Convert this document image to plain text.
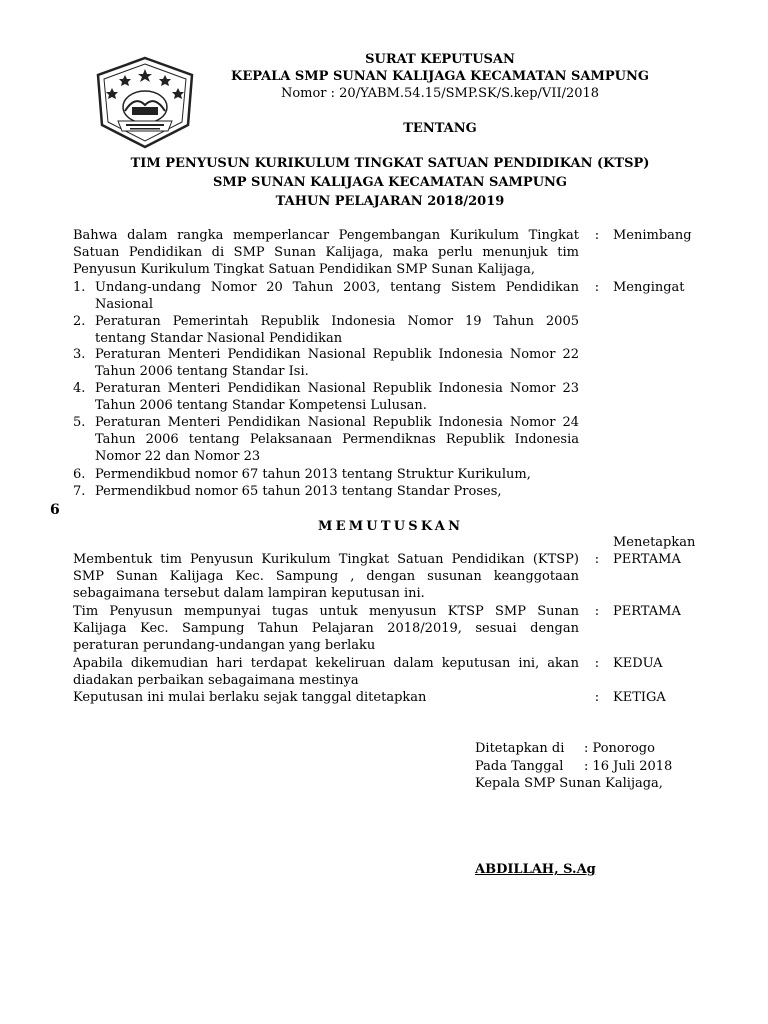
SURAT KEPUTUSAN
KEPALA SMP SUNAN KALIJAGA KECAMATAN SAMPUNG
Nomor : 20/YABM.54.15/SMP.SK/S.kep/VII/2018
TENTANG
TIM PENYUSUN KURIKULUM TINGKAT SATUAN PENDIDIKAN (KTSP)
SMP SUNAN KALIJAGA KECAMATAN SAMPUNG
TAHUN PELAJARAN 2018/2019
Bahwa dalam rangka memperlancar Pengembangan Kurikulum Tingkat Satuan Pendidikan di SMP Sunan Kalijaga, maka perlu menunjuk tim Penyusun Kurikulum Tingkat Satuan Pendidikan SMP Sunan Kalijaga,
: Menimbang
: Mengingat
1. Undang-undang Nomor 20 Tahun 2003, tentang Sistem Pendidikan Nasional
2. Peraturan Pemerintah Republik Indonesia Nomor 19 Tahun 2005 tentang Standar Nasional Pendidikan
3. Peraturan Menteri Pendidikan Nasional Republik Indonesia Nomor 22 Tahun 2006 tentang Standar Isi.
4. Peraturan Menteri Pendidikan Nasional Republik Indonesia Nomor 23 Tahun 2006 tentang Standar Kompetensi Lulusan.
5. Peraturan Menteri Pendidikan Nasional Republik Indonesia Nomor 24 Tahun 2006 tentang Pelaksanaan Permendiknas Republik Indonesia Nomor 22 dan Nomor 23
6. Permendikbud nomor 67 tahun 2013 tentang Struktur Kurikulum,
7. Permendikbud nomor 65 tahun 2013 tentang Standar Proses,
6
MEMUTUSKAN
Menetapkan
Membentuk tim Penyusun Kurikulum Tingkat Satuan Pendidikan (KTSP) SMP Sunan Kalijaga Kec. Sampung , dengan susunan keanggotaan sebagaimana tersebut dalam lampiran keputusan ini.
: PERTAMA
Tim Penyusun mempunyai tugas untuk menyusun KTSP SMP Sunan Kalijaga Kec. Sampung Tahun Pelajaran 2018/2019, sesuai dengan peraturan perundang-undangan yang berlaku
: PERTAMA
Apabila dikemudian hari terdapat kekeliruan dalam keputusan ini, akan diadakan perbaikan sebagaimana mestinya
: KEDUA
Keputusan ini mulai berlaku sejak tanggal ditetapkan	: KETIGA
Ditetapkan di : Ponorogo
Pada Tanggal : 16 Juli 2018
Kepala SMP Sunan Kalijaga,
ABDILLAH, S.Ag
